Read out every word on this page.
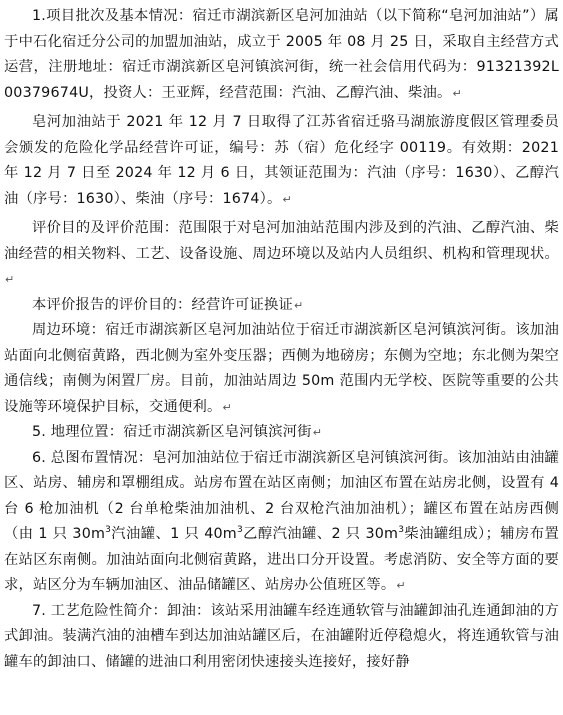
1.项目批次及基本情况：宿迁市湖滨新区皂河加油站（以下简称“皂河加油站”）属于中石化宿迁分公司的加盟加油站，成立于 2005 年 08 月 25 日，采取自主经营方式运营，注册地址：宿迁市湖滨新区皂河镇滨河街，统一社会信用代码为：91321392L00379674U，投资人：王亚辉，经营范围：汽油、乙醇汽油、柴油。↵

皂河加油站于 2021 年 12 月 7 日取得了江苏省宿迁骆马湖旅游度假区管理委员会颁发的危险化学品经营许可证，编号：苏（宿）危化经字 00119。有效期：2021 年 12 月 7 日至 2024 年 12 月 6 日，其领证范围为：汽油（序号：1630）、乙醇汽油（序号：1630）、柴油（序号：1674）。↵

评价目的及评价范围：范围限于对皂河加油站范围内涉及到的汽油、乙醇汽油、柴油经营的相关物料、工艺、设备设施、周边环境以及站内人员组织、机构和管理现状。↵

本评价报告的评价目的：经营许可证换证↵

周边环境：宿迁市湖滨新区皂河加油站位于宿迁市湖滨新区皂河镇滨河街。该加油站面向北侧宿黄路，西北侧为室外变压器；西侧为地磅房；东侧为空地；东北侧为架空通信线；南侧为闲置厂房。目前，加油站周边 50m 范围内无学校、医院等重要的公共设施等环境保护目标，交通便利。↵

5. 地理位置：宿迁市湖滨新区皂河镇滨河街↵

6. 总图布置情况：皂河加油站位于宿迁市湖滨新区皂河镇滨河街。该加油站由油罐区、站房、辅房和罩棚组成。站房布置在站区南侧；加油区布置在站房北侧，设置有 4 台 6 枪加油机（2 台单枪柴油加油机、2 台双枪汽油加油机）；罐区布置在站房西侧（由 1 只 $30m^3$汽油罐、1 只 $40m^3$乙醇汽油罐、2 只 $30m^3$柴油罐组成）；辅房布置在站区东南侧。加油站面向北侧宿黄路，进出口分开设置。考虑消防、安全等方面的要求，站区分为车辆加油区、油品储罐区、站房办公值班区等。↵

7. 工艺危险性简介：卸油：该站采用油罐车经连通软管与油罐卸油孔连通卸油的方式卸油。装满汽油的油槽车到达加油站罐区后，在油罐附近停稳熄火，将连通软管与油罐车的卸油口、储罐的进油口利用密闭快速接头连接好，接好静
